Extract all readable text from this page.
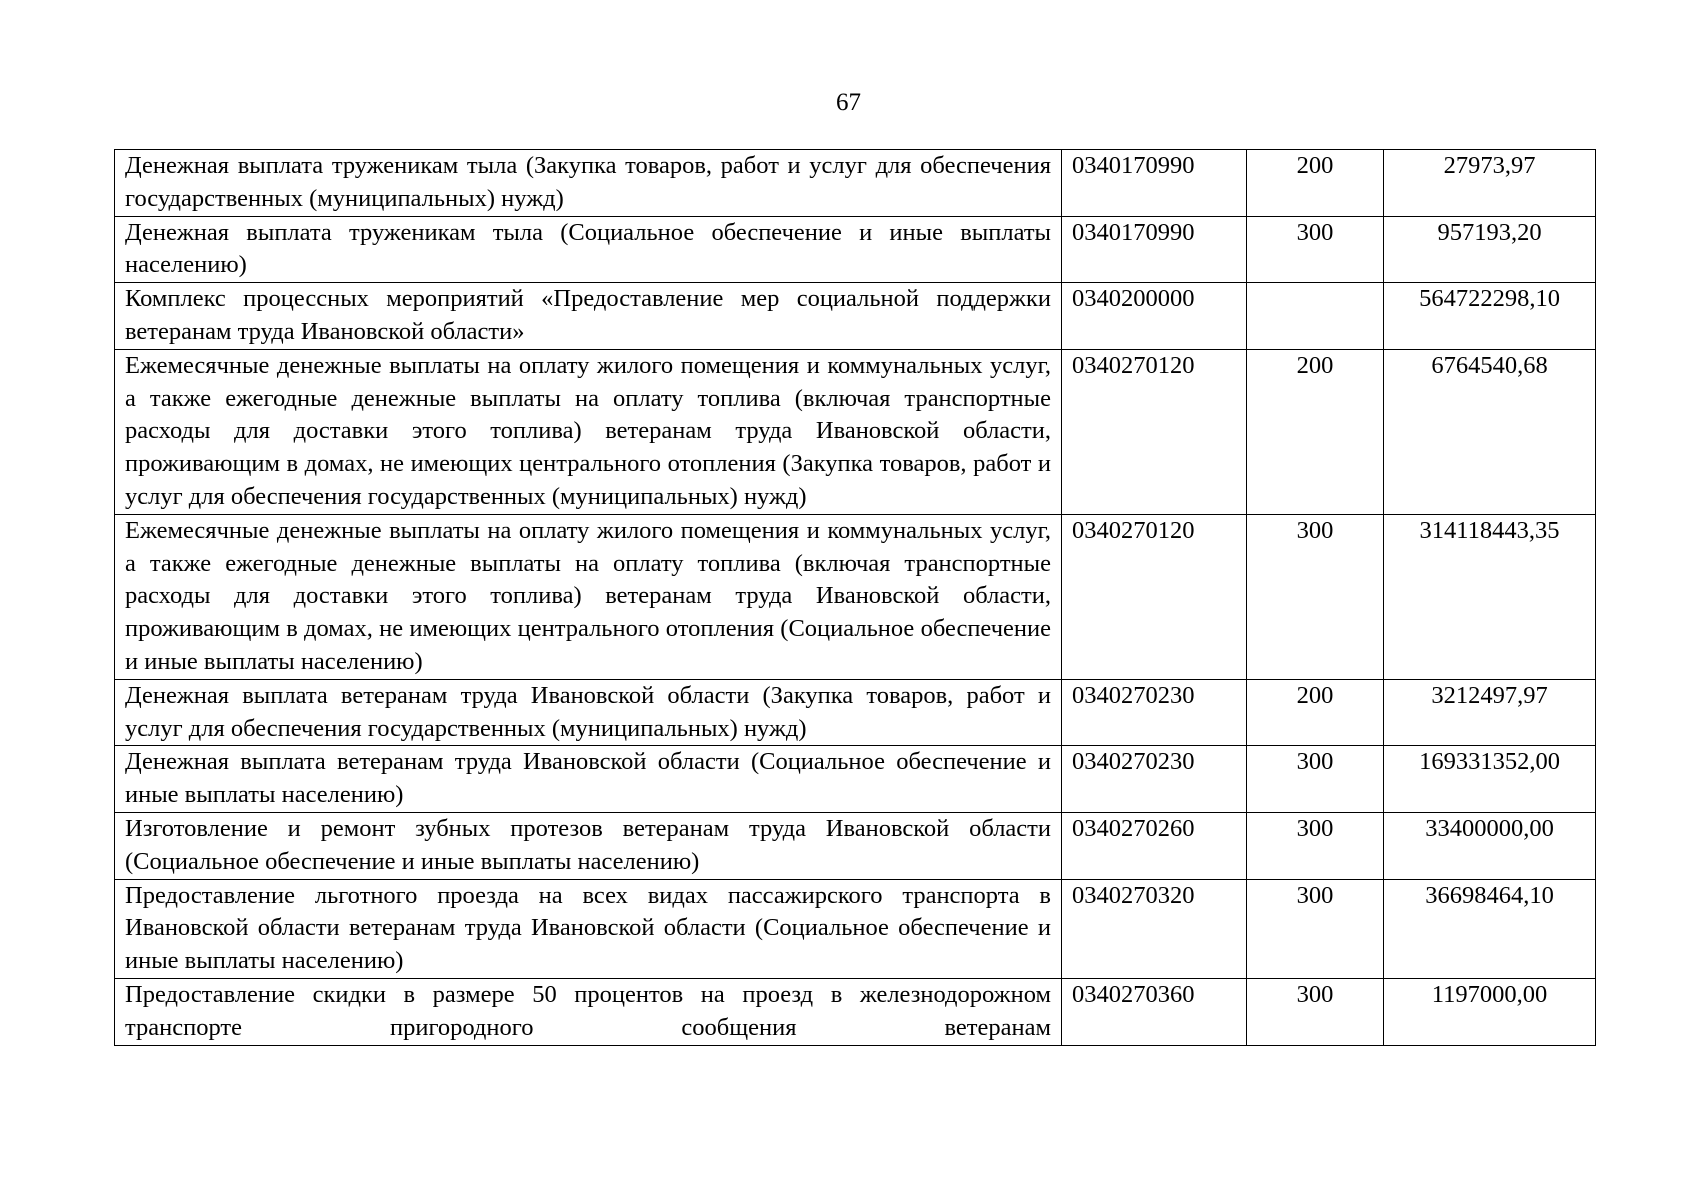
67
Денежная выплата труженикам тыла (Закупка товаров, работ и услуг для обеспечения государственных (муниципальных) нужд)	0340170990	200	27973,97
Денежная выплата труженикам тыла (Социальное обеспечение и иные выплаты населению)	0340170990	300	957193,20
Комплекс процессных мероприятий «Предоставление мер социальной поддержки ветеранам труда Ивановской области»	0340200000		564722298,10
Ежемесячные денежные выплаты на оплату жилого помещения и коммунальных услуг, а также ежегодные денежные выплаты на оплату топлива (включая транспортные расходы для доставки этого топлива) ветеранам труда Ивановской области, проживающим в домах, не имеющих центрального отопления (Закупка товаров, работ и услуг для обеспечения государственных (муниципальных) нужд)	0340270120	200	6764540,68
Ежемесячные денежные выплаты на оплату жилого помещения и коммунальных услуг, а также ежегодные денежные выплаты на оплату топлива (включая транспортные расходы для доставки этого топлива) ветеранам труда Ивановской области, проживающим в домах, не имеющих центрального отопления (Социальное обеспечение и иные выплаты населению)	0340270120	300	314118443,35
Денежная выплата ветеранам труда Ивановской области (Закупка товаров, работ и услуг для обеспечения государственных (муниципальных) нужд)	0340270230	200	3212497,97
Денежная выплата ветеранам труда Ивановской области (Социальное обеспечение и иные выплаты населению)	0340270230	300	169331352,00
Изготовление и ремонт зубных протезов ветеранам труда Ивановской области (Социальное обеспечение и иные выплаты населению)	0340270260	300	33400000,00
Предоставление льготного проезда на всех видах пассажирского транспорта в Ивановской области ветеранам труда Ивановской области (Социальное обеспечение и иные выплаты населению)	0340270320	300	36698464,10
Предоставление скидки в размере 50 процентов на проезд в железнодорожном транспорте пригородного сообщения ветеранам	0340270360	300	1197000,00
